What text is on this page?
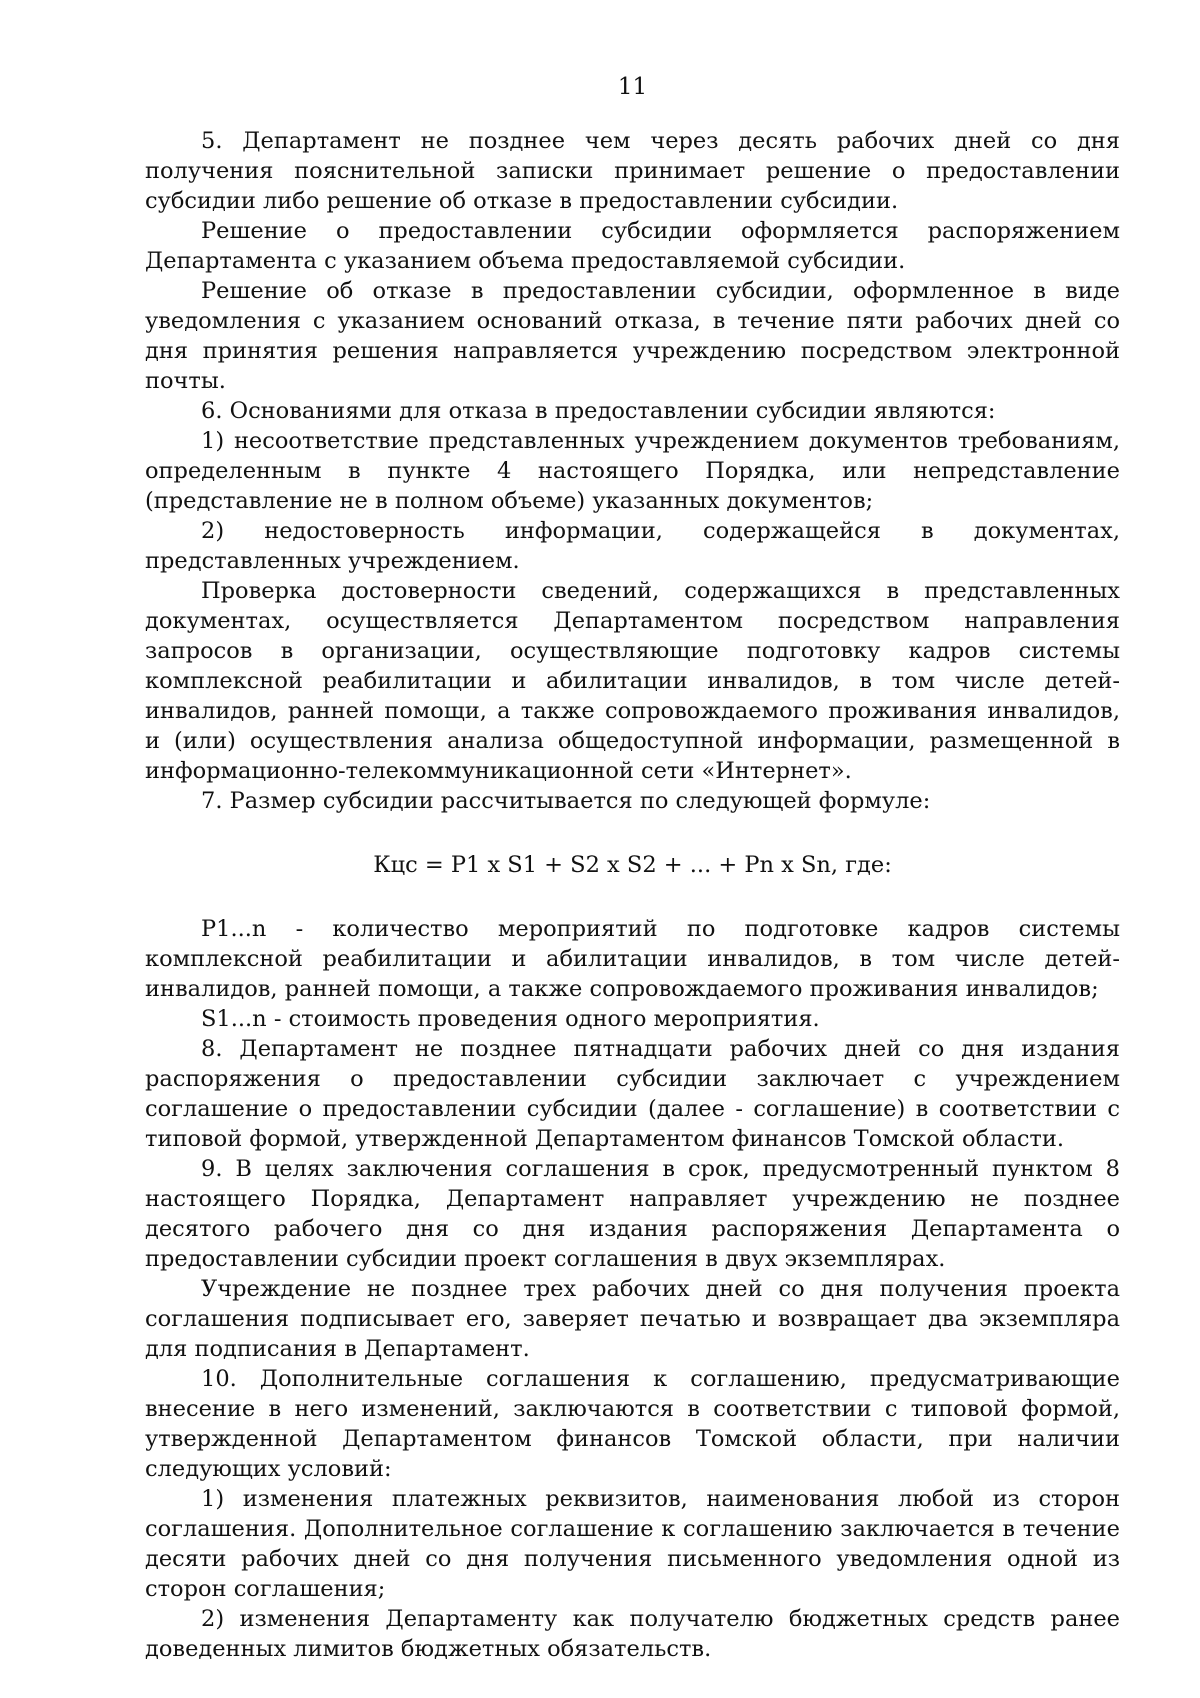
11

5. Департамент не позднее чем через десять рабочих дней со дня получения пояснительной записки принимает решение о предоставлении субсидии либо решение об отказе в предоставлении субсидии.

Решение о предоставлении субсидии оформляется распоряжением Департамента с указанием объема предоставляемой субсидии.

Решение об отказе в предоставлении субсидии, оформленное в виде уведомления с указанием оснований отказа, в течение пяти рабочих дней со дня принятия решения направляется учреждению посредством электронной почты.

6. Основаниями для отказа в предоставлении субсидии являются:

1) несоответствие представленных учреждением документов требованиям, определенным в пункте 4 настоящего Порядка, или непредставление (представление не в полном объеме) указанных документов;

2) недостоверность информации, содержащейся в документах, представленных учреждением.

Проверка достоверности сведений, содержащихся в представленных документах, осуществляется Департаментом посредством направления запросов в организации, осуществляющие подготовку кадров системы комплексной реабилитации и абилитации инвалидов, в том числе детей-инвалидов, ранней помощи, а также сопровождаемого проживания инвалидов, и (или) осуществления анализа общедоступной информации, размещенной в информационно-телекоммуникационной сети «Интернет».

7. Размер субсидии рассчитывается по следующей формуле:

Кцс = P1 x S1 + S2 x S2 + ... + Pn x Sn, где:

P1...n - количество мероприятий по подготовке кадров системы комплексной реабилитации и абилитации инвалидов, в том числе детей-инвалидов, ранней помощи, а также сопровождаемого проживания инвалидов;

S1...n - стоимость проведения одного мероприятия.

8. Департамент не позднее пятнадцати рабочих дней со дня издания распоряжения о предоставлении субсидии заключает с учреждением соглашение о предоставлении субсидии (далее - соглашение) в соответствии с типовой формой, утвержденной Департаментом финансов Томской области.

9. В целях заключения соглашения в срок, предусмотренный пунктом 8 настоящего Порядка, Департамент направляет учреждению не позднее десятого рабочего дня со дня издания распоряжения Департамента о предоставлении субсидии проект соглашения в двух экземплярах.

Учреждение не позднее трех рабочих дней со дня получения проекта соглашения подписывает его, заверяет печатью и возвращает два экземпляра для подписания в Департамент.

10. Дополнительные соглашения к соглашению, предусматривающие внесение в него изменений, заключаются в соответствии с типовой формой, утвержденной Департаментом финансов Томской области, при наличии следующих условий:

1) изменения платежных реквизитов, наименования любой из сторон соглашения. Дополнительное соглашение к соглашению заключается в течение десяти рабочих дней со дня получения письменного уведомления одной из сторон соглашения;

2) изменения Департаменту как получателю бюджетных средств ранее доведенных лимитов бюджетных обязательств.
